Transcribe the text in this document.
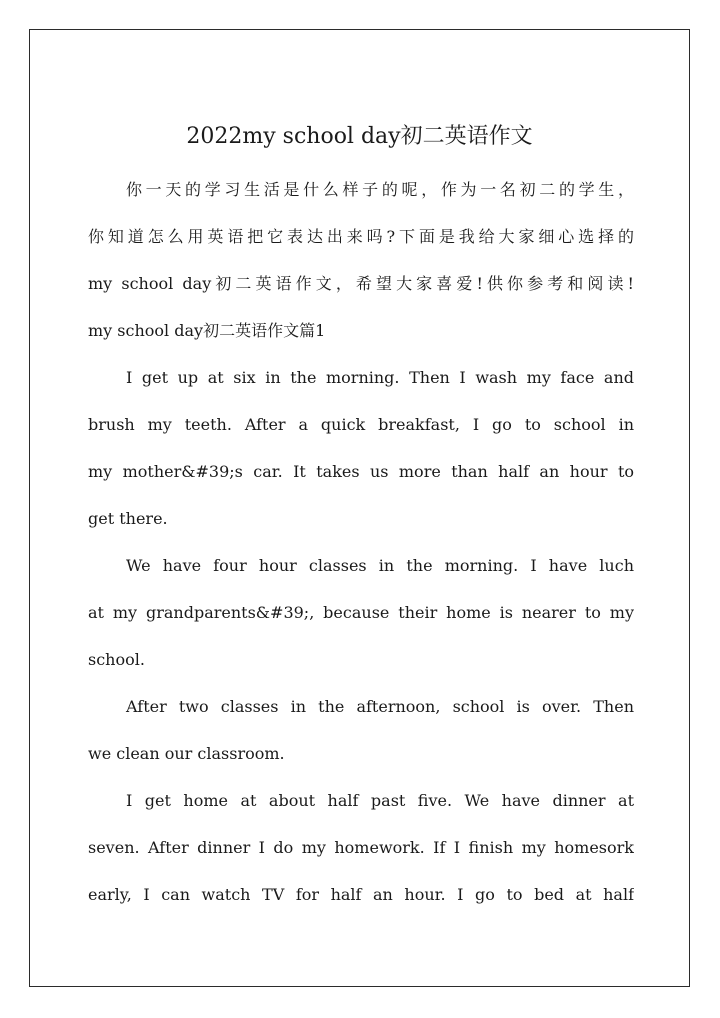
2022my school day初二英语作文
你一天的学习生活是什么样子的呢，作为一名初二的学生，
你知道怎么用英语把它表达出来吗?下面是我给大家细心选择的
my school day初二英语作文，希望大家喜爱!供你参考和阅读!
my school day初二英语作文篇1
I get up at six in the morning. Then I wash my face and
brush my teeth. After a quick breakfast, I go to school in
my mother&#39;s car. It takes us more than half an hour to
get there.
We have four hour classes in the morning. I have luch
at my grandparents&#39;, because their home is nearer to my
school.
After two classes in the afternoon, school is over. Then
we clean our classroom.
I get home at about half past five. We have dinner at
seven. After dinner I do my homework. If I finish my homesork
early, I can watch TV for half an hour. I go to bed at half
